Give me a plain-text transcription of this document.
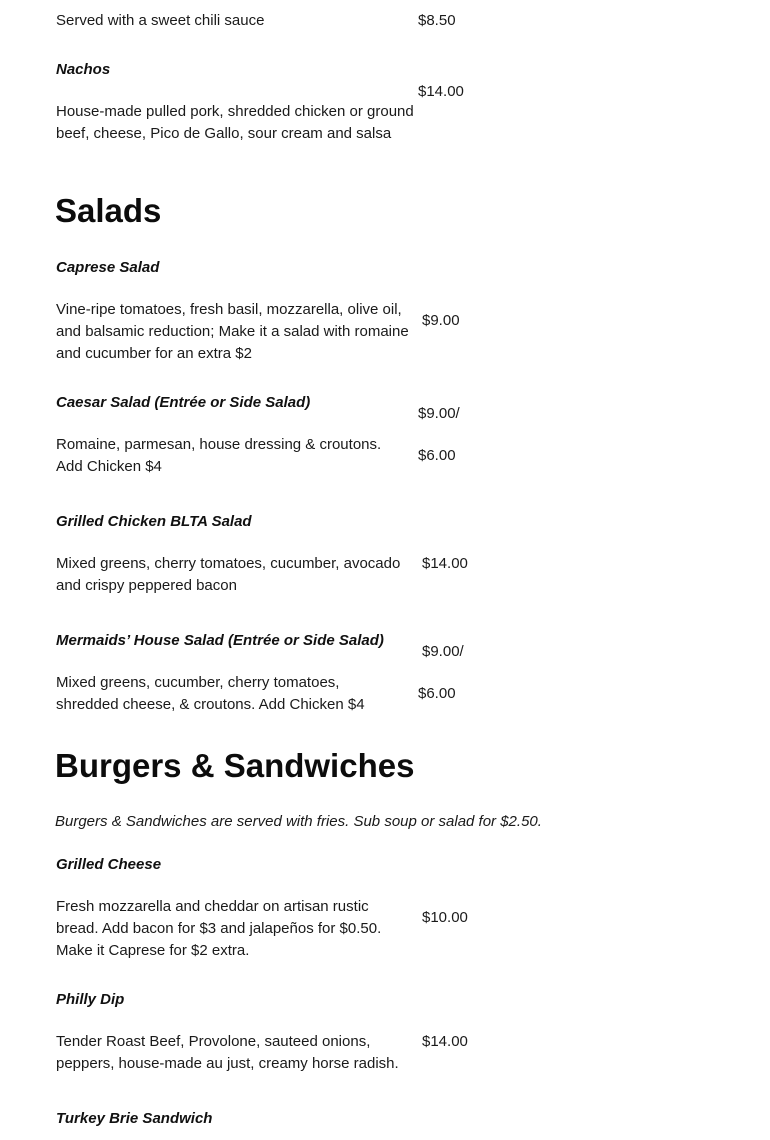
Served with a sweet chili sauce	$8.50

Nachos

$14.00

House-made pulled pork, shredded chicken or ground beef, cheese, Pico de Gallo, sour cream and salsa

Salads

Caprese Salad

Vine-ripe tomatoes, fresh basil, mozzarella, olive oil, and balsamic reduction; Make it a salad with romaine and cucumber for an extra $2

$9.00

Caesar Salad (Entrée or Side Salad)

$9.00/

Romaine, parmesan, house dressing & croutons. Add Chicken $4

$6.00

Grilled Chicken BLTA Salad

Mixed greens, cherry tomatoes, cucumber, avocado and crispy peppered bacon

$14.00

Mermaids’ House Salad (Entrée or Side Salad)

$9.00/

Mixed greens, cucumber, cherry tomatoes, shredded cheese, & croutons. Add Chicken $4

$6.00

Burgers & Sandwiches

Burgers & Sandwiches are served with fries. Sub soup or salad for $2.50.

Grilled Cheese

Fresh mozzarella and cheddar on artisan rustic bread. Add bacon for $3 and jalapeños for $0.50. Make it Caprese for $2 extra.

$10.00

Philly Dip

Tender Roast Beef, Provolone, sauteed onions, peppers, house-made au just, creamy horse radish.

$14.00

Turkey Brie Sandwich
